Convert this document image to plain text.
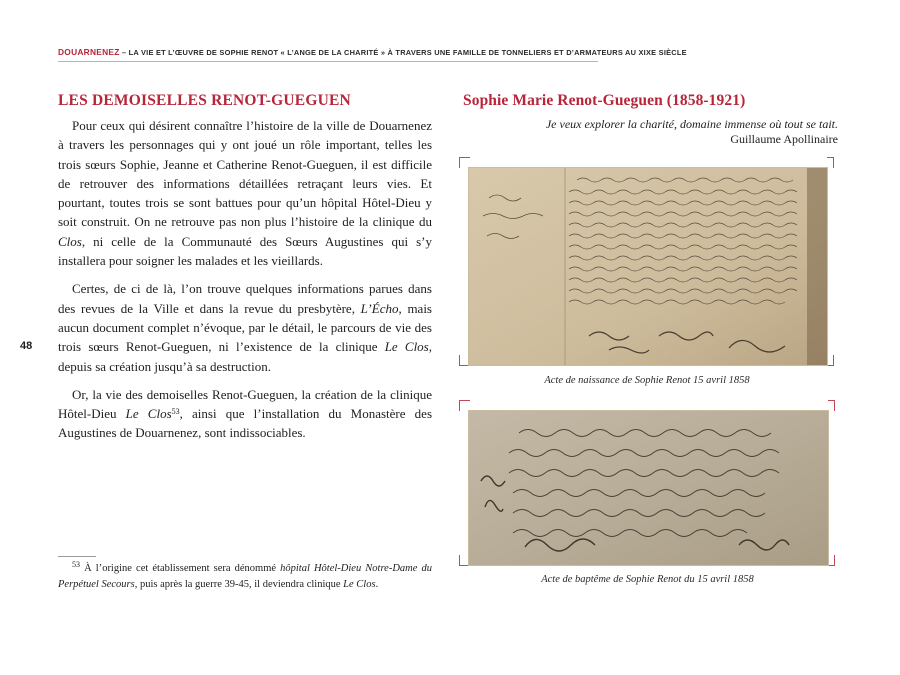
DOUARNENEZ – LA VIE ET L’ŒUVRE DE SOPHIE RENOT « L’ANGE DE LA CHARITÉ » À TRAVERS UNE FAMILLE DE TONNELIERS ET D’ARMATEURS AU XIXE SIÈCLE
48
LES DEMOISELLES RENOT-GUEGUEN

Pour ceux qui désirent connaître l’histoire de la ville de Douarnenez à travers les personnages qui y ont joué un rôle important, telles les trois sœurs Sophie, Jeanne et Catherine Renot-Gueguen, il est difficile de retrouver des informations détaillées retraçant leurs vies. Et pourtant, toutes trois se sont battues pour qu’un hôpital Hôtel-Dieu y soit construit. On ne retrouve pas non plus l’histoire de la clinique du Clos, ni celle de la Communauté des Sœurs Augustines qui s’y installera pour soigner les malades et les vieillards.

Certes, de ci de là, l’on trouve quelques informations parues dans des revues de la Ville et dans la revue du presbytère, L’Écho, mais aucun document complet n’évoque, par le détail, le parcours de vie des trois sœurs Renot-Gueguen, ni l’existence de la clinique Le Clos, depuis sa création jusqu’à sa destruction.

Or, la vie des demoiselles Renot-Gueguen, la création de la clinique Hôtel-Dieu Le Clos$^{53}$, ainsi que l’installation du Monastère des Augustines de Douarnenez, sont indissociables.

$^{53}$ À l’origine cet établissement sera dénommé hôpital Hôtel-Dieu Notre-Dame du Perpétuel Secours, puis après la guerre 39-45, il deviendra clinique Le Clos.

Sophie Marie Renot-Gueguen (1858-1921)
Je veux explorer la charité, domaine immense où tout se tait.
Guillaume Apollinaire
Acte de naissance de Sophie Renot 15 avril 1858
Acte de baptême de Sophie Renot du 15 avril 1858
